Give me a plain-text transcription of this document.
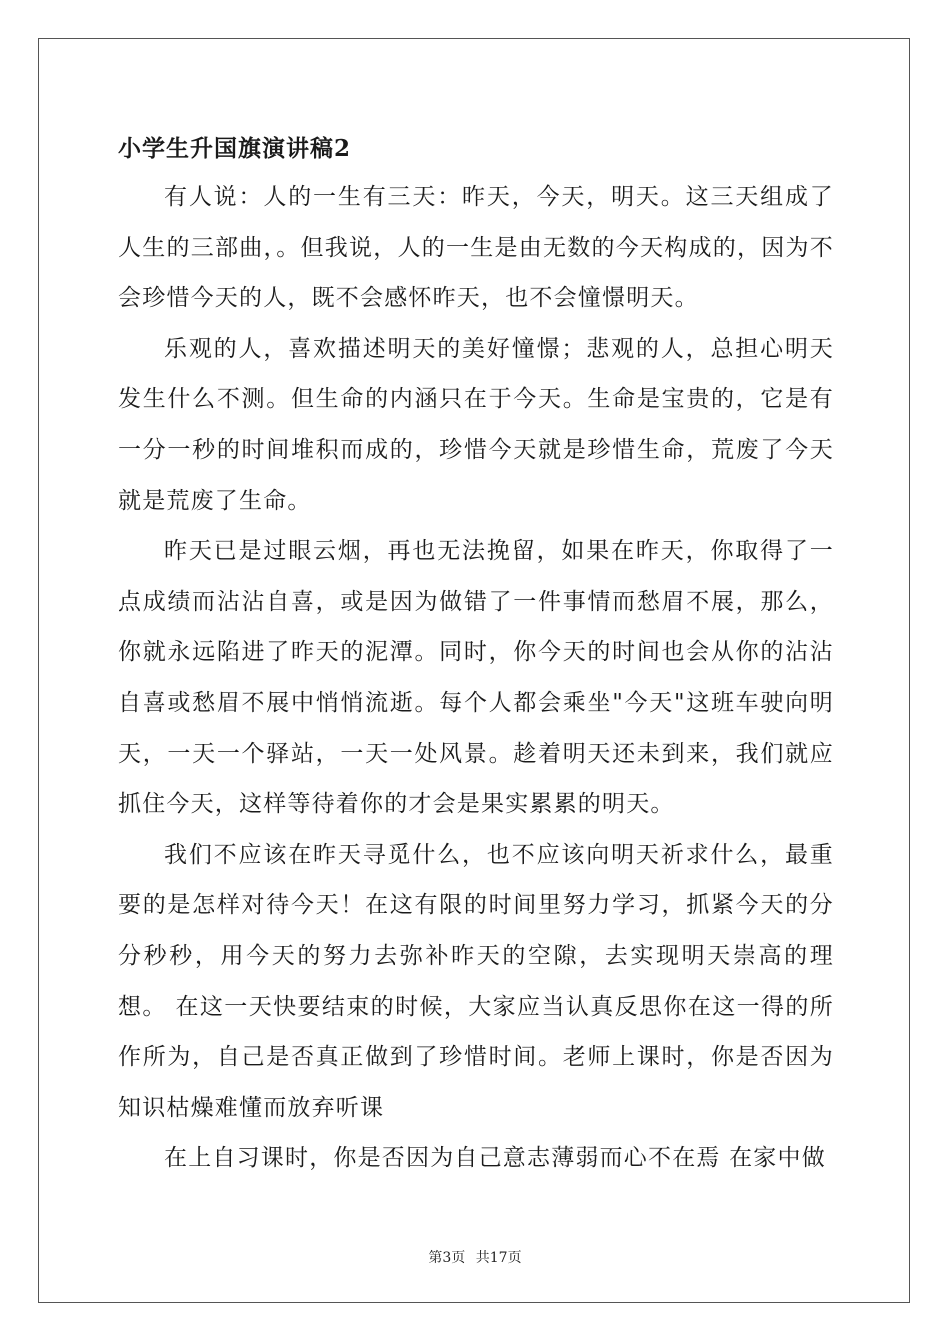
小学生升国旗演讲稿2

有人说：人的一生有三天：昨天，今天，明天。这三天组成了人生的三部曲，。但我说，人的一生是由无数的今天构成的，因为不会珍惜今天的人，既不会感怀昨天，也不会憧憬明天。

乐观的人，喜欢描述明天的美好憧憬；悲观的人，总担心明天发生什么不测。但生命的内涵只在于今天。生命是宝贵的，它是有一分一秒的时间堆积而成的，珍惜今天就是珍惜生命，荒废了今天就是荒废了生命。

昨天已是过眼云烟，再也无法挽留，如果在昨天，你取得了一点成绩而沾沾自喜，或是因为做错了一件事情而愁眉不展，那么，你就永远陷进了昨天的泥潭。同时，你今天的时间也会从你的沾沾自喜或愁眉不展中悄悄流逝。每个人都会乘坐"今天"这班车驶向明天，一天一个驿站，一天一处风景。趁着明天还未到来，我们就应抓住今天，这样等待着你的才会是果实累累的明天。

我们不应该在昨天寻觅什么，也不应该向明天祈求什么，最重要的是怎样对待今天！在这有限的时间里努力学习，抓紧今天的分分秒秒，用今天的努力去弥补昨天的空隙，去实现明天崇高的理想。 在这一天快要结束的时候，大家应当认真反思你在这一得的所作所为，自己是否真正做到了珍惜时间。老师上课时，你是否因为知识枯燥难懂而放弃听课

在上自习课时，你是否因为自己意志薄弱而心不在焉 在家中做

第3页 共17页
